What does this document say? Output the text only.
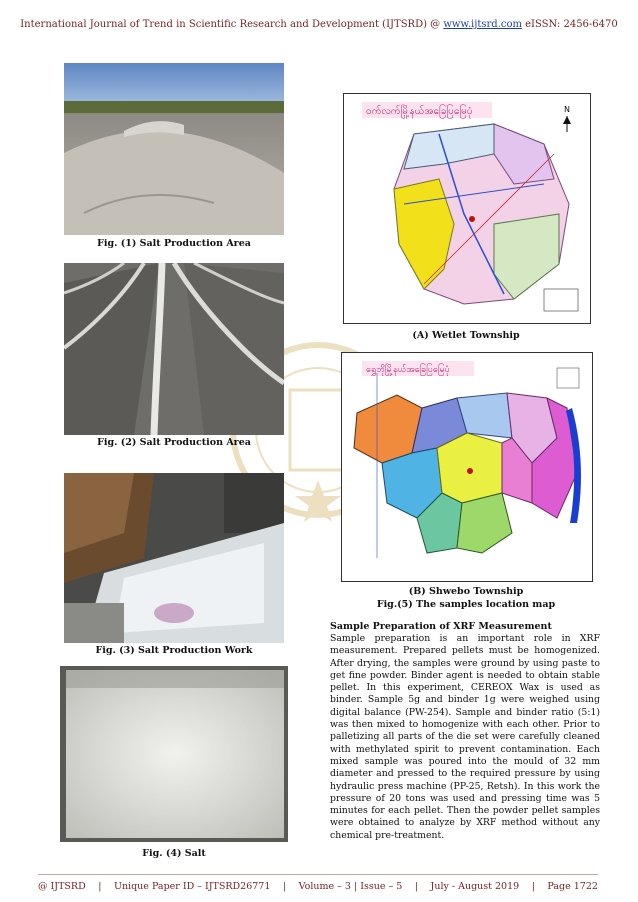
International Journal of Trend in Scientific Research and Development (IJTSRD) @ www.ijtsrd.com eISSN: 2456-6470
Fig. (1) Salt Production Area
Fig. (2) Salt Production Area
Fig. (3) Salt Production Work
Fig. (4) Salt
ဝက်လက်မြို့နယ်အခြေပြမြေပုံ	N
(A) Wetlet Township
ရွှေဘိုမြို့နယ်အခြေပြမြေပုံ
(B) Shwebo Township
Fig.(5) The samples location map
Sample Preparation of XRF Measurement

Sample preparation is an important role in XRF measurement. Prepared pellets must be homogenized. After drying, the samples were ground by using paste to get fine powder. Binder agent is needed to obtain stable pellet. In this experiment, CEREOX Wax is used as binder. Sample 5g and binder 1g were weighed using digital balance (PW-254). Sample and binder ratio (5:1) was then mixed to homogenize with each other. Prior to palletizing all parts of the die set were carefully cleaned with methylated spirit to prevent contamination. Each mixed sample was poured into the mould of 32 mm diameter and pressed to the required pressure by using hydraulic press machine (PP-25, Retsh). In this work the pressure of 20 tons was used and pressing time was 5 minutes for each pellet. Then the powder pellet samples were obtained to analyze by XRF method without any chemical pre-treatment.

@ IJTSRD | Unique Paper ID – IJTSRD26771 | Volume – 3 | Issue – 5 | July - August 2019 | Page 1722
